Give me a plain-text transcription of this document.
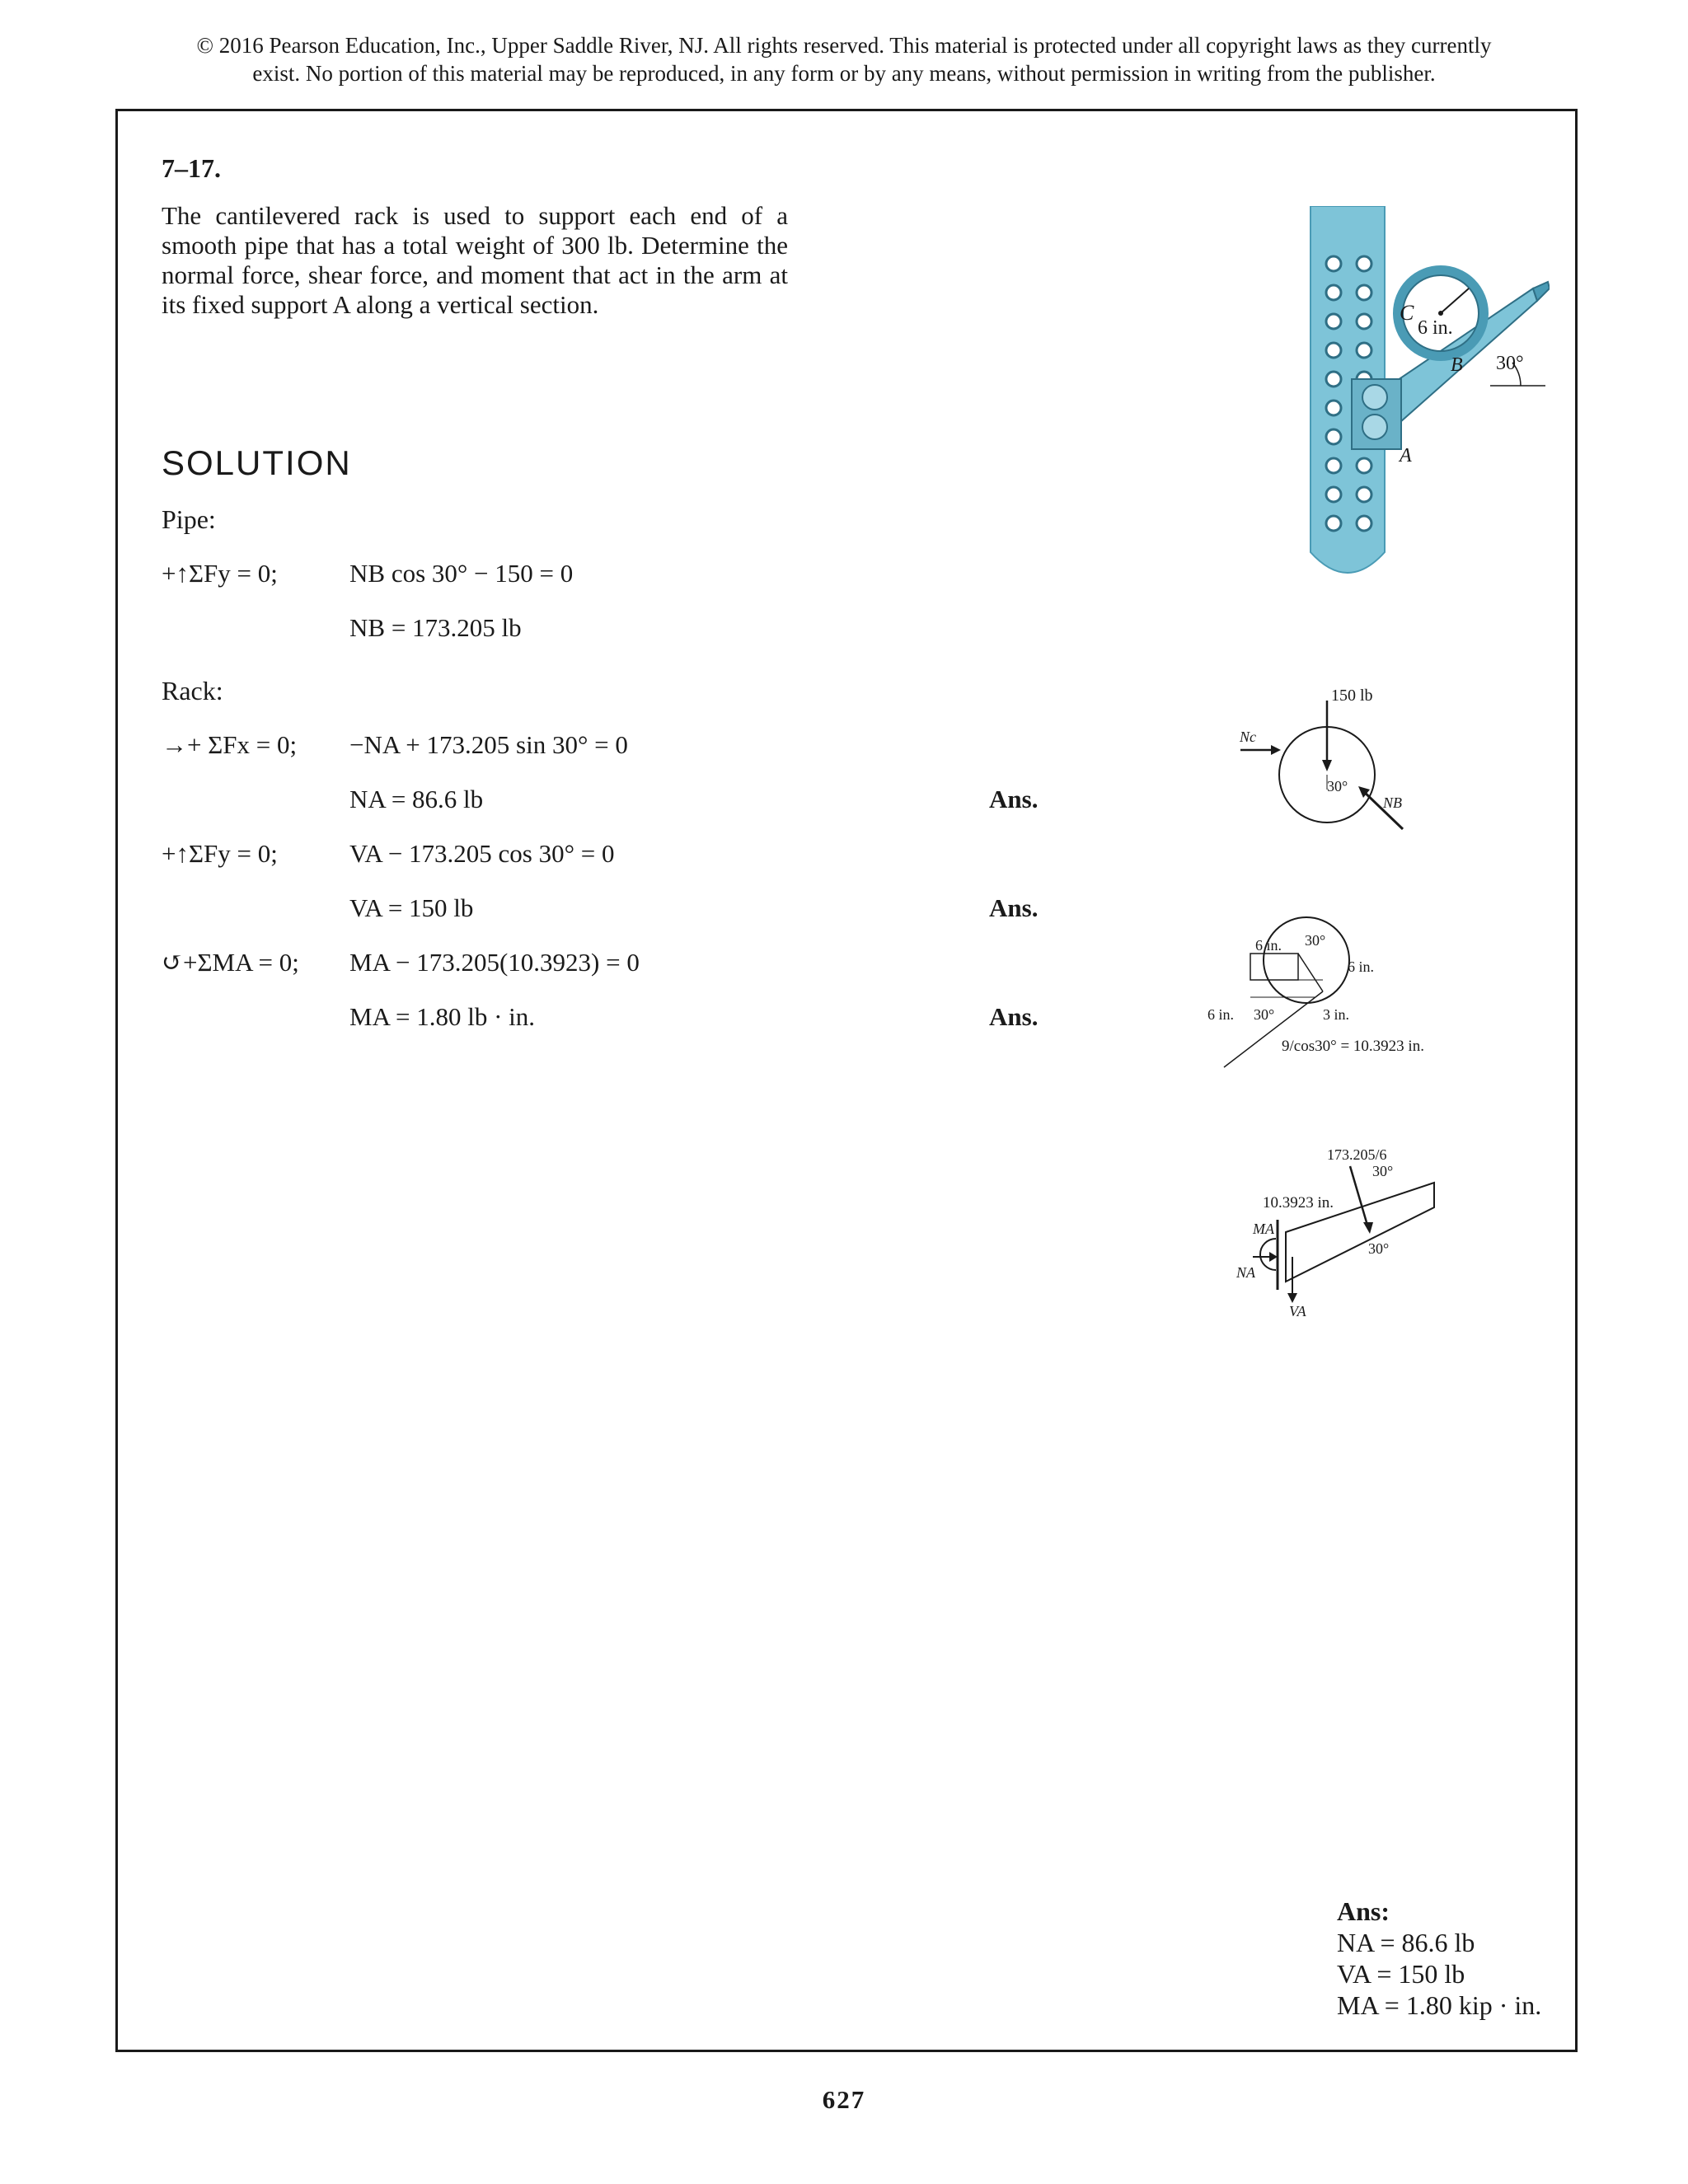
© 2016 Pearson Education, Inc., Upper Saddle River, NJ. All rights reserved. This material is protected under all copyright laws as they currently
exist. No portion of this material may be reproduced, in any form or by any means, without permission in writing from the publisher.
7–17.
The cantilevered rack is used to support each end of a smooth pipe that has a total weight of 300 lb. Determine the normal force, shear force, and moment that act in the arm at its fixed support A along a vertical section.
SOLUTION
Pipe:
+↑ΣFy = 0;	NB cos 30° − 150 = 0
NB = 173.205 lb
Rack:
→+ ΣFx = 0; −NA + 173.205 sin 30° = 0
NA = 86.6 lb	Ans.
+↑ΣFy = 0;	VA − 173.205 cos 30° = 0
VA = 150 lb	Ans.
↺+ΣMA = 0; MA − 173.205(10.3923) = 0
MA = 1.80 lb · in.	Ans.
C
6 in.
B 30°
A
150 lb
Nc
30°
NB
6 in. 30°
6 in.
6 in. 30°	3 in.
9/cos30° = 10.3923 in.
173.205/6
30°
10.3923 in.
MA
30°
NA
VA
Ans:
NA = 86.6 lb
VA = 150 lb
MA = 1.80 kip · in.
627
